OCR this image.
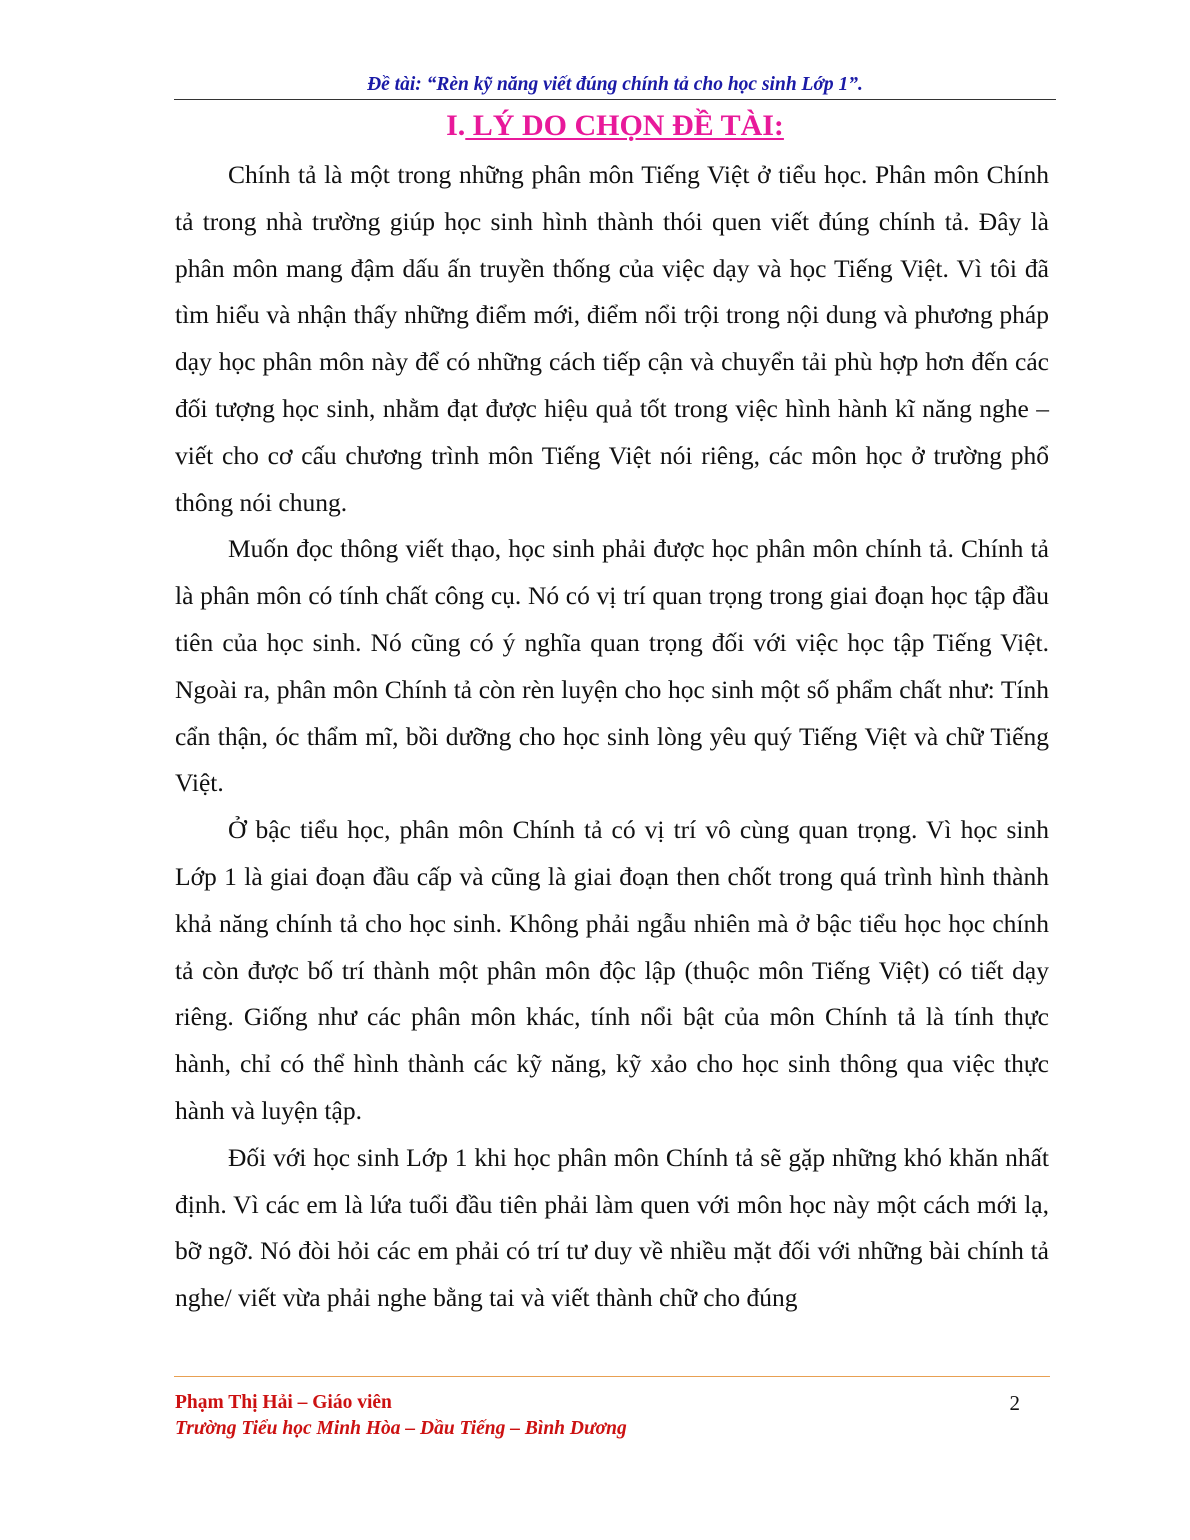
Đề tài: “Rèn kỹ năng viết đúng chính tả cho học sinh Lớp 1”.
I. LÝ DO CHỌN ĐỀ TÀI:

Chính tả là một trong những phân môn Tiếng Việt ở tiểu học. Phân môn Chính tả trong nhà trường giúp học sinh hình thành thói quen viết đúng chính tả. Đây là phân môn mang đậm dấu ấn truyền thống của việc dạy và học Tiếng Việt. Vì tôi đã tìm hiểu và nhận thấy những điểm mới, điểm nổi trội trong nội dung và phương pháp dạy học phân môn này để có những cách tiếp cận và chuyển tải phù hợp hơn đến các đối tượng học sinh, nhằm đạt được hiệu quả tốt trong việc hình hành kĩ năng nghe – viết cho cơ cấu chương trình môn Tiếng Việt nói riêng, các môn học ở trường phổ thông nói chung.

Muốn đọc thông viết thạo, học sinh phải được học phân môn chính tả. Chính tả là phân môn có tính chất công cụ. Nó có vị trí quan trọng trong giai đoạn học tập đầu tiên của học sinh. Nó cũng có ý nghĩa quan trọng đối với việc học tập Tiếng Việt. Ngoài ra, phân môn Chính tả còn rèn luyện cho học sinh một số phẩm chất như: Tính cẩn thận, óc thẩm mĩ, bồi dưỡng cho học sinh lòng yêu quý Tiếng Việt và chữ Tiếng Việt.

Ở bậc tiểu học, phân môn Chính tả có vị trí vô cùng quan trọng. Vì học sinh Lớp 1 là giai đoạn đầu cấp và cũng là giai đoạn then chốt trong quá trình hình thành khả năng chính tả cho học sinh. Không phải ngẫu nhiên mà ở bậc tiểu học học chính tả còn được bố trí thành một phân môn độc lập (thuộc môn Tiếng Việt) có tiết dạy riêng. Giống như các phân môn khác, tính nổi bật của môn Chính tả là tính thực hành, chỉ có thể hình thành các kỹ năng, kỹ xảo cho học sinh thông qua việc thực hành và luyện tập.

Đối với học sinh Lớp 1 khi học phân môn Chính tả sẽ gặp những khó khăn nhất định. Vì các em là lứa tuổi đầu tiên phải làm quen với môn học này một cách mới lạ, bỡ ngỡ. Nó đòi hỏi các em phải có trí tư duy về nhiều mặt đối với những bài chính tả nghe/ viết vừa phải nghe bằng tai và viết thành chữ cho đúng

Phạm Thị Hải – Giáo viên
Trường Tiểu học Minh Hòa – Dầu Tiếng – Bình Dương
2
